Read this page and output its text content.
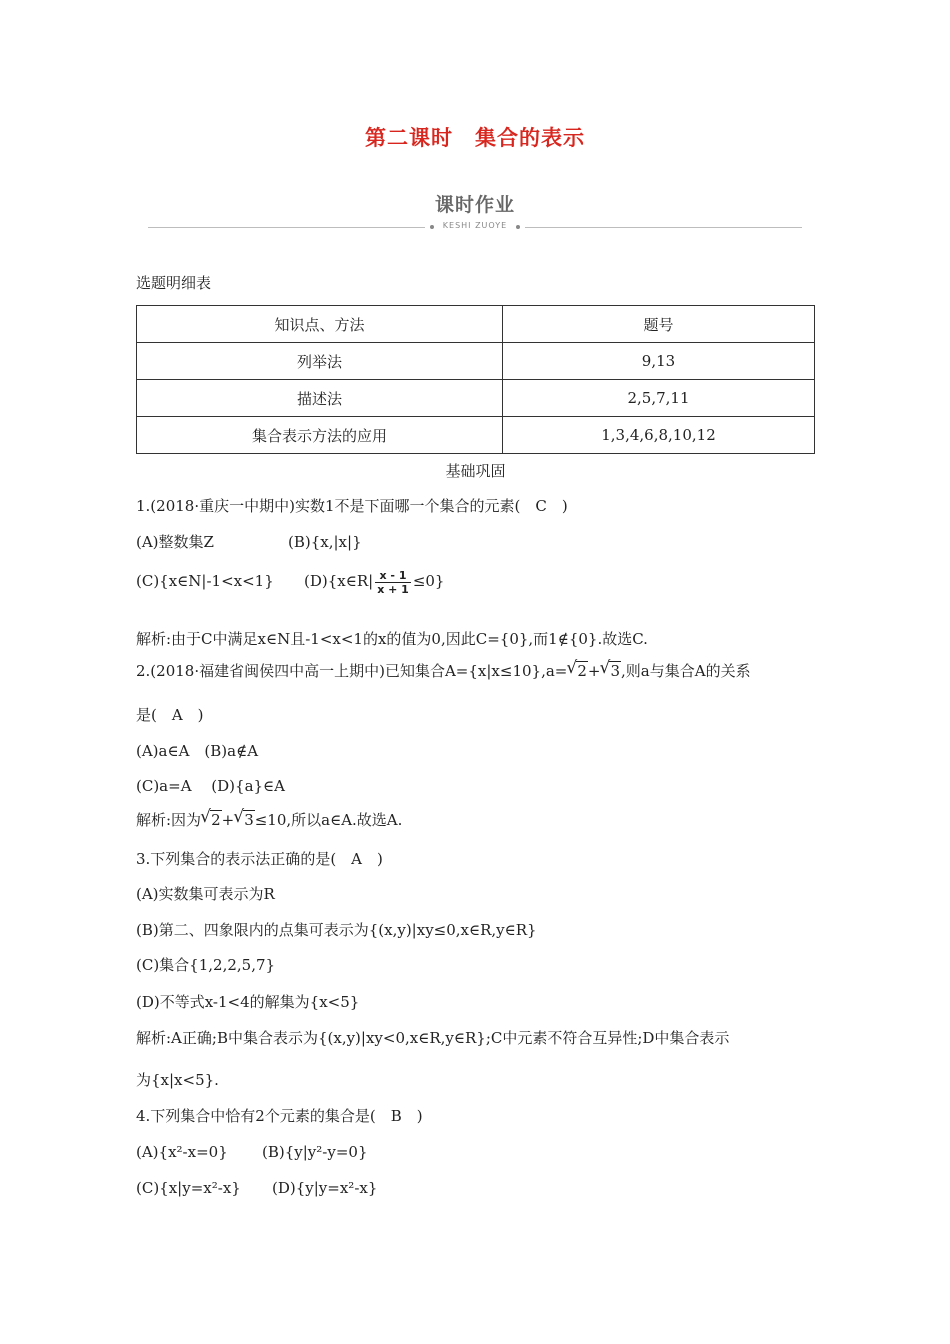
第二课时　集合的表示
课时作业
KESHI ZUOYE
选题明细表
知识点、方法	题号
列举法	9,13
描述法	2,5,7,11
集合表示方法的应用	1,3,4,6,8,10,12
基础巩固
1.(2018·重庆一中期中)实数1不是下面哪一个集合的元素(　C　)
(A)整数集Z	(B){x,|x|}
(C){x∈N|-1<x<1} (D){x∈R| $\frac{x - 1}{x + 1} \le 0$}
解析:由于C中满足x∈N且-1<x<1的x的值为0,因此C={0},而1∉{0}.故选C.
2.(2018·福建省闽侯四中高一上期中)已知集合A={x|x≤10},a= √ 2+ √ 3,则a与集合A的关系
是(　A　)
(A)a∈A　(B)a∉A
(C)a=A　 (D){a}∈A
解析:因为 √ 2+ √ 3≤10,所以a∈A.故选A.
3.下列集合的表示法正确的是(　A　)
(A)实数集可表示为R
(B)第二、四象限内的点集可表示为{(x,y)|xy≤0,x∈R,y∈R}
(C)集合{1,2,2,5,7}
(D)不等式x-1<4的解集为{x<5}
解析:A正确;B中集合表示为{(x,y)|xy<0,x∈R,y∈R};C中元素不符合互异性;D中集合表示
为{x|x<5}.
4.下列集合中恰有2个元素的集合是(　B　)
(A){x²-x=0} (B){y|y²-y=0}
(C){x|y=x²-x} (D){y|y=x²-x}
